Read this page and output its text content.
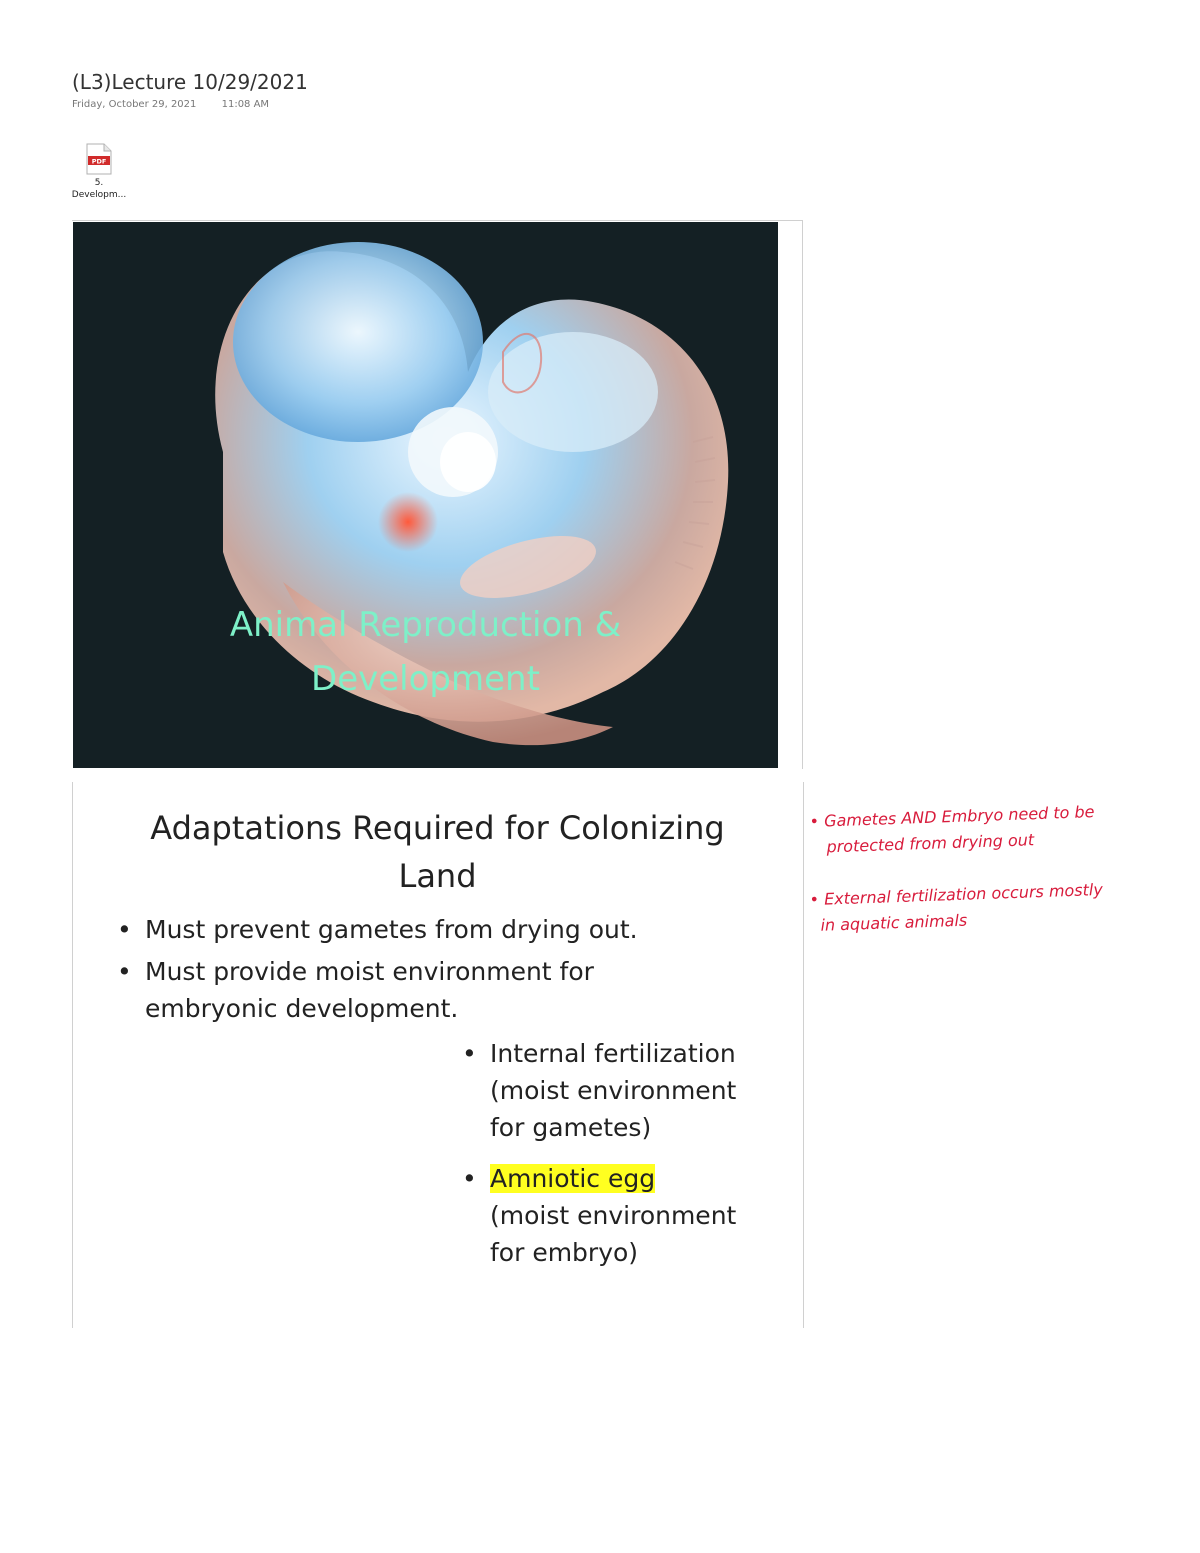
(L3)Lecture 10/29/2021
Friday, October 29, 2021	11:08 AM
PDF
5.
Developm...
Animal Reproduction &
Development
Adaptations Required for Colonizing
Land
• Must prevent gametes from drying out.
• Must provide moist environment for
embryonic development.
• Internal fertilization
(moist environment
for gametes)
• Amniotic egg
(moist environment
for embryo)
• Gametes AND Embryo need to be
protected from drying out
• External fertilization occurs mostly
in aquatic animals
